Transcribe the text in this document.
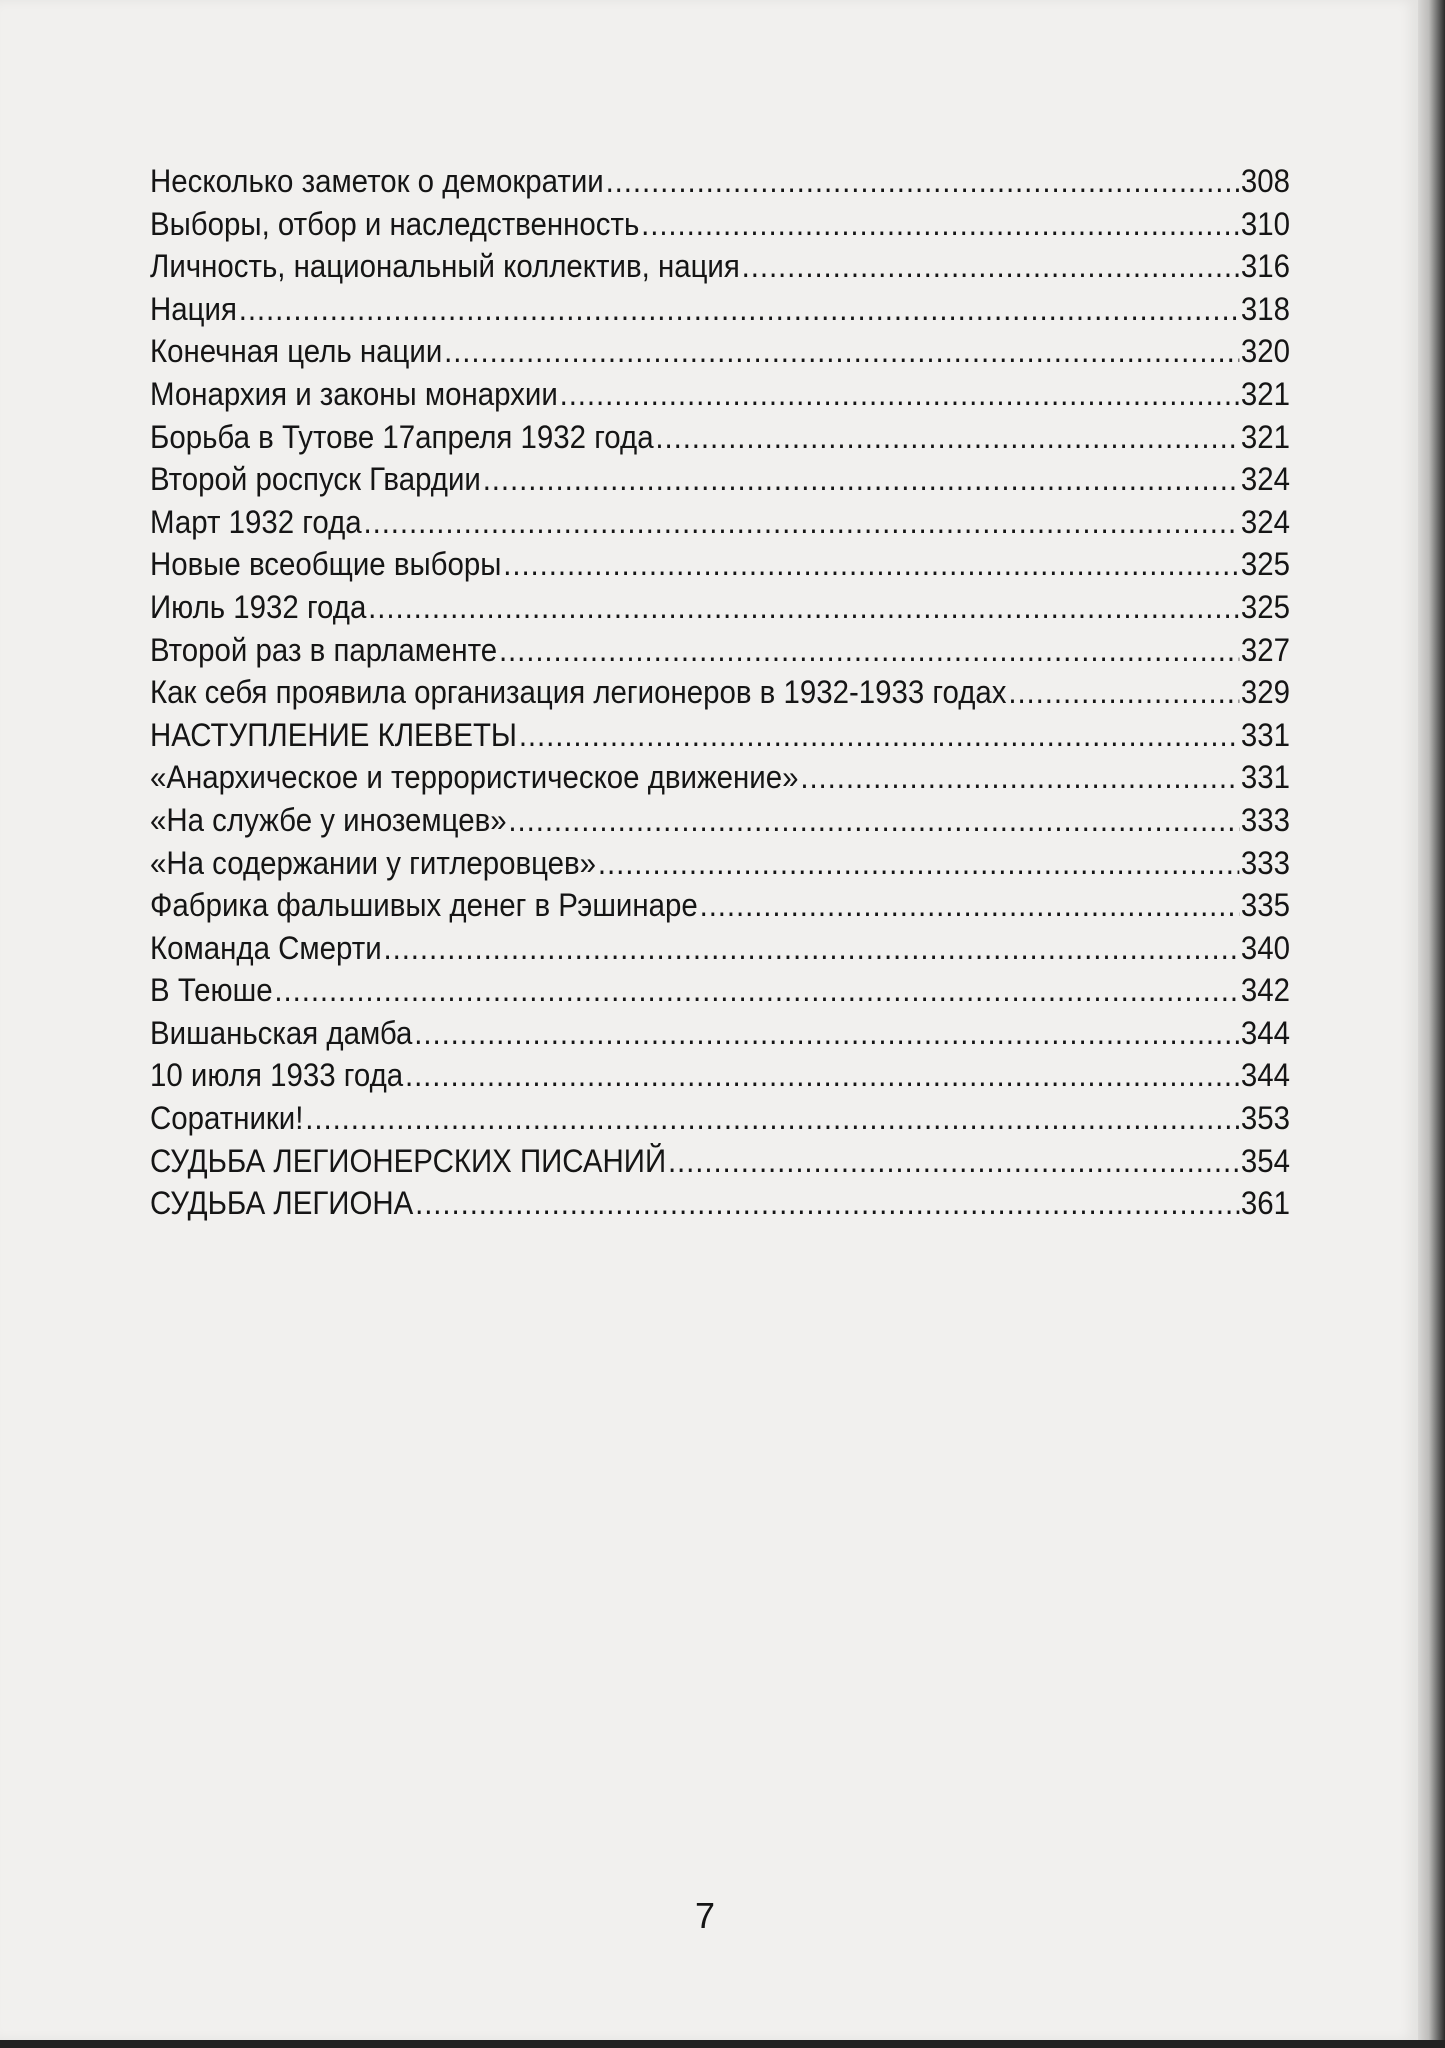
Несколько заметок о демократии .....	308
Выборы, отбор и наследственность .....	310
Личность, национальный коллектив, нация .....	316
Нация .....	318
Конечная цель нации .....	320
Монархия и законы монархии .....	321
Борьба в Тутове 17апреля 1932 года .....	321
Второй роспуск Гвардии .....	324
Март 1932 года .....	324
Новые всеобщие выборы .....	325
Июль 1932 года .....	325
Второй раз в парламенте .....	327
Как себя проявила организация легионеров в 1932-1933 годах .....	329
НАСТУПЛЕНИЕ КЛЕВЕТЫ .....	331
«Анархическое и террористическое движение» .....	331
«На службе у иноземцев» .....	333
«На содержании у гитлеровцев» .....	333
Фабрика фальшивых денег в Рэшинаре .....	335
Команда Смерти .....	340
В Теюше .....	342
Вишаньская дамба .....	344
10 июля 1933 года .....	344
Соратники! .....	353
СУДЬБА ЛЕГИОНЕРСКИХ ПИСАНИЙ .....	354
СУДЬБА ЛЕГИОНА .....	361
7
